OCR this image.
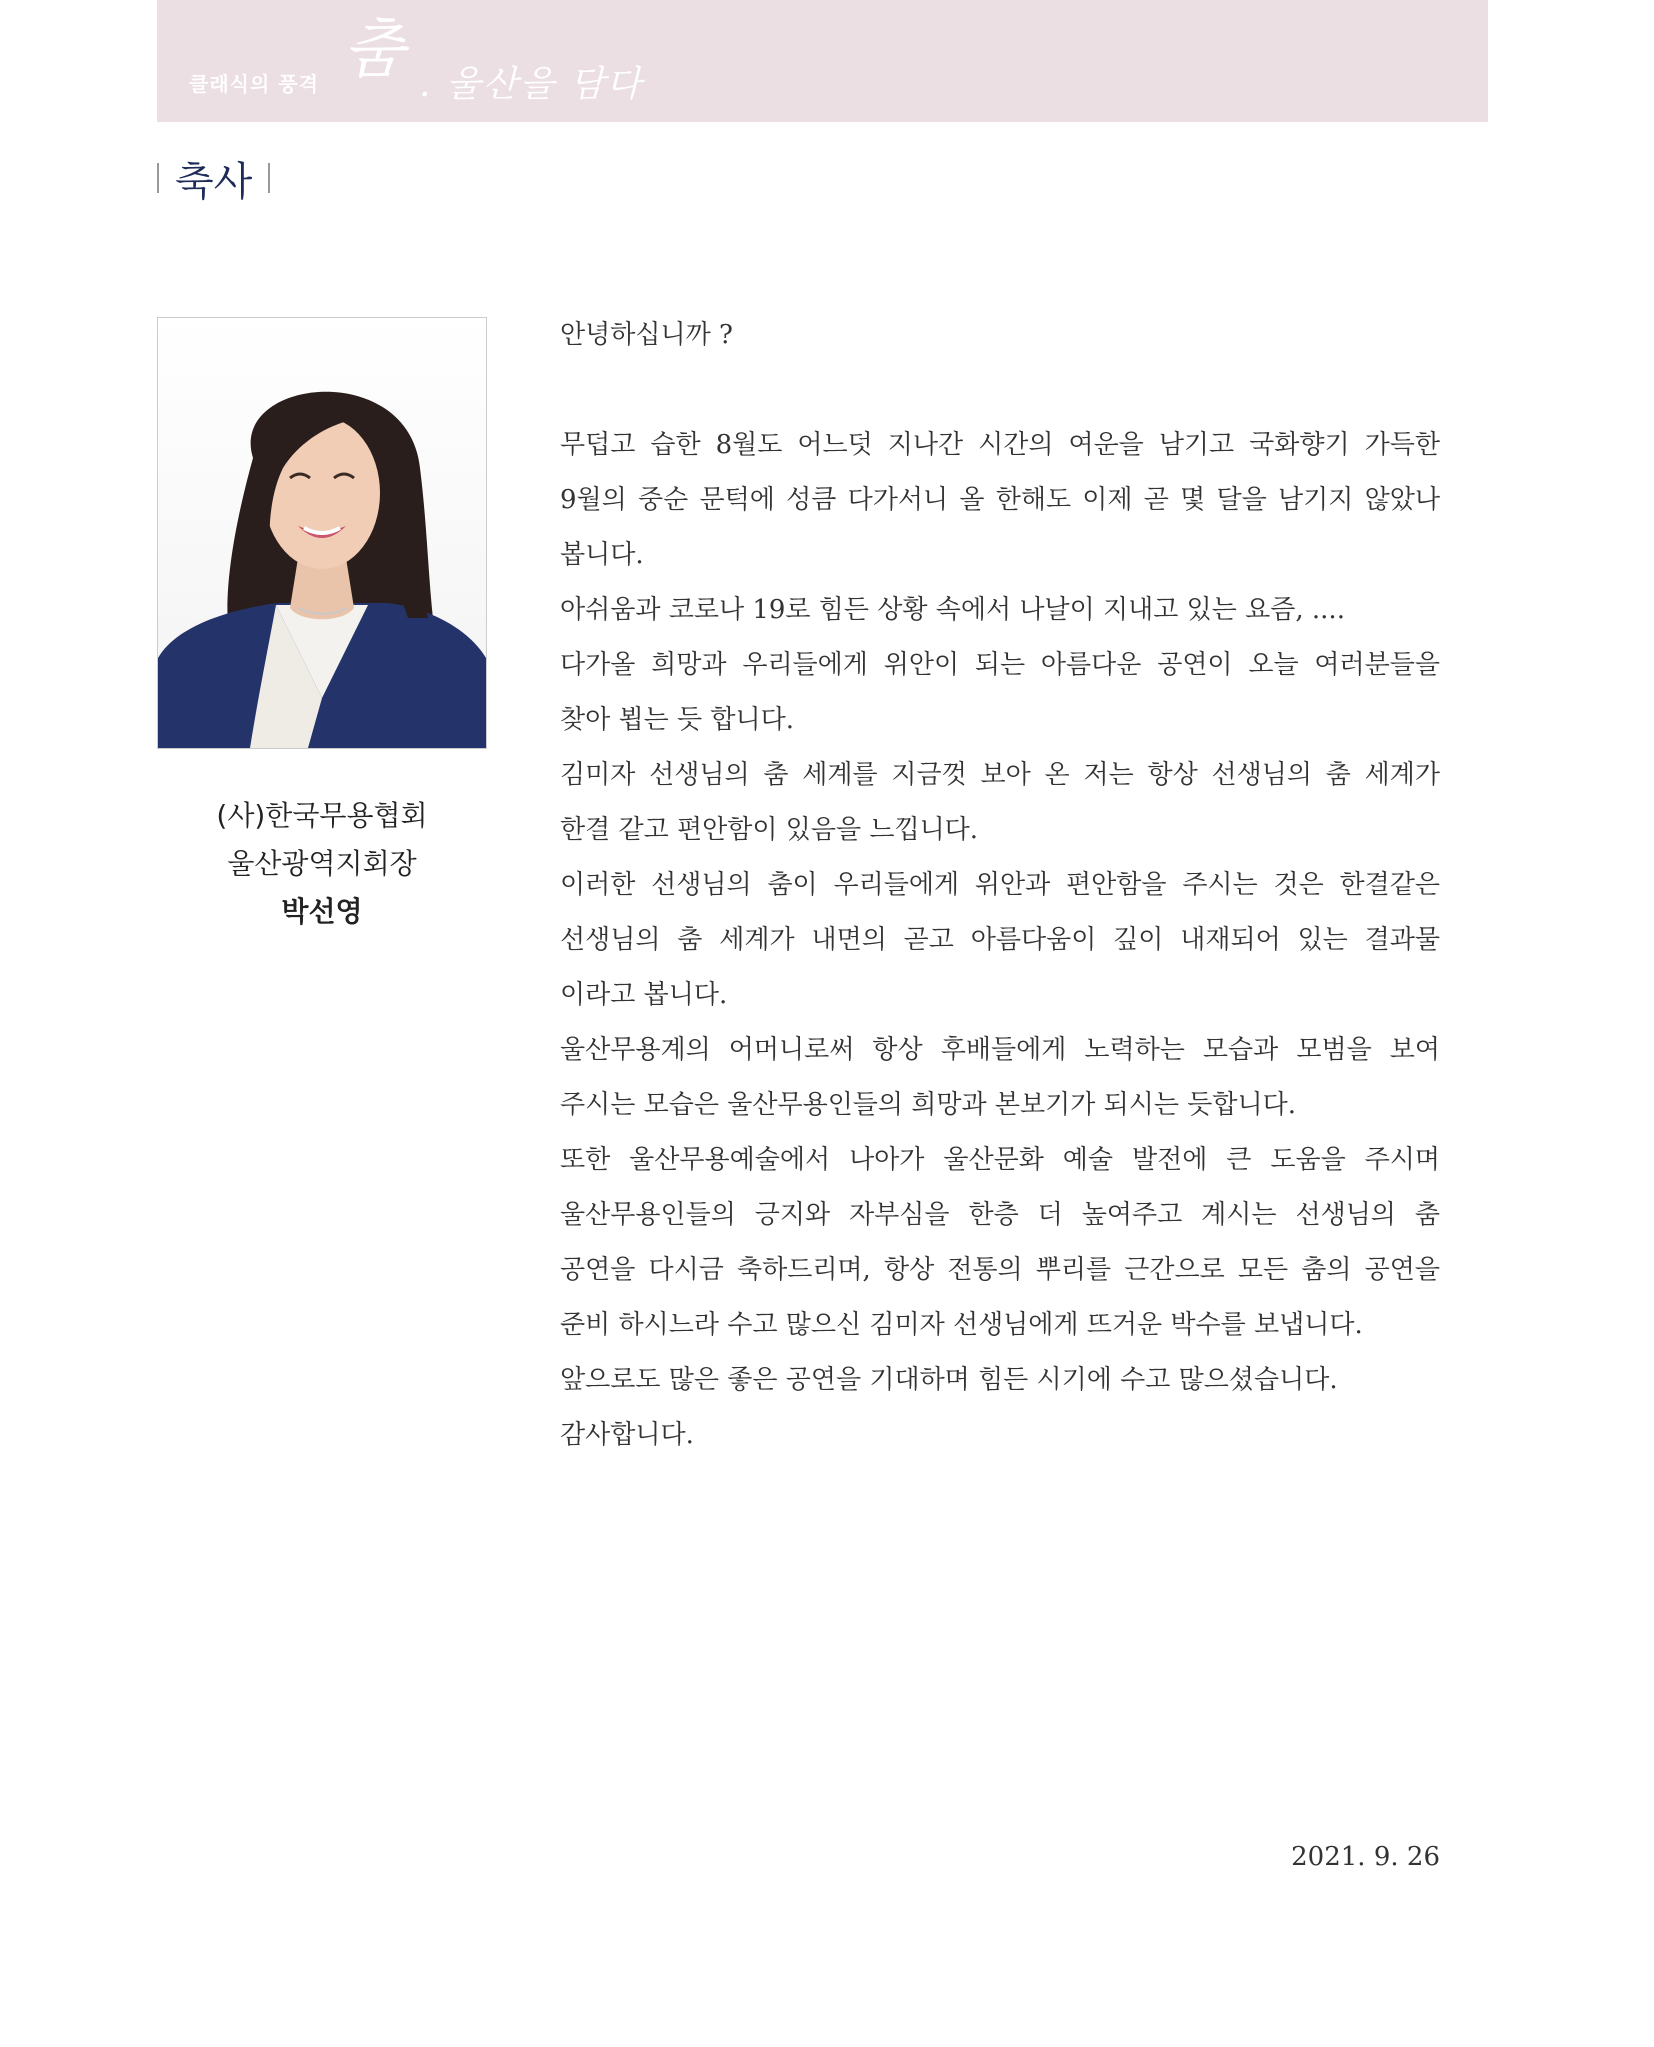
클래식의 풍격 춤 . 울산을 담다
축사
(사)한국무용협회
울산광역지회장
박선영

안녕하십니까 ?

무덥고 습한 8월도 어느덧 지나간 시간의 여운을 남기고 국화향기 가득한

9월의 중순 문턱에 성큼 다가서니 올 한해도 이제 곧 몇 달을 남기지 않았나

봅니다.

아쉬움과 코로나 19로 힘든 상황 속에서 나날이 지내고 있는 요즘, ....

다가올 희망과 우리들에게 위안이 되는 아름다운 공연이 오늘 여러분들을

찾아 뵙는 듯 합니다.

김미자 선생님의 춤 세계를 지금껏 보아 온 저는 항상 선생님의 춤 세계가

한결 같고 편안함이 있음을 느낍니다.

이러한 선생님의 춤이 우리들에게 위안과 편안함을 주시는 것은 한결같은

선생님의 춤 세계가 내면의 곧고 아름다움이 깊이 내재되어 있는 결과물

이라고 봅니다.

울산무용계의 어머니로써 항상 후배들에게 노력하는 모습과 모범을 보여

주시는 모습은 울산무용인들의 희망과 본보기가 되시는 듯합니다.

또한 울산무용예술에서 나아가 울산문화 예술 발전에 큰 도움을 주시며

울산무용인들의 긍지와 자부심을 한층 더 높여주고 계시는 선생님의 춤

공연을 다시금 축하드리며, 항상 전통의 뿌리를 근간으로 모든 춤의 공연을

준비 하시느라 수고 많으신 김미자 선생님에게 뜨거운 박수를 보냅니다.

앞으로도 많은 좋은 공연을 기대하며 힘든 시기에 수고 많으셨습니다.

감사합니다.

2021. 9. 26
